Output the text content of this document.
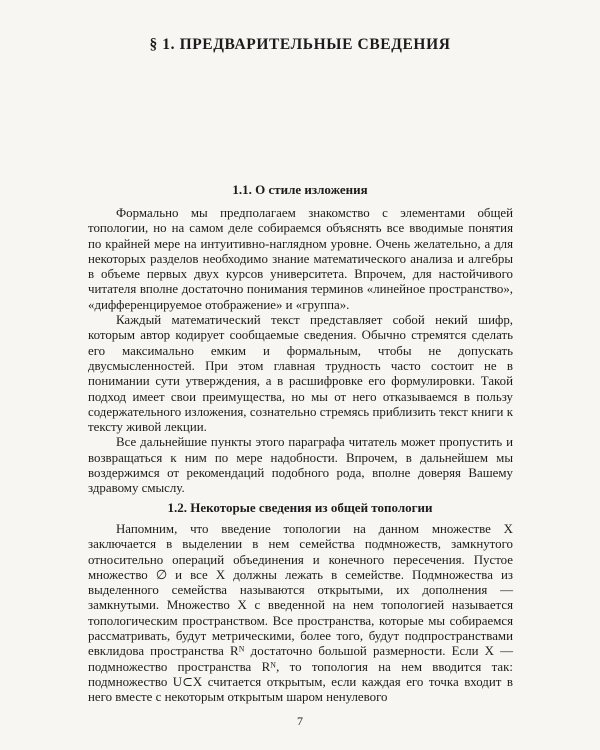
§ 1. ПРЕДВАРИТЕЛЬНЫЕ СВЕДЕНИЯ
1.1. О стиле изложения

Формально мы предполагаем знакомство с элементами общей топологии, но на самом деле собираемся объяснять все вводимые понятия по крайней мере на интуитивно-наглядном уровне. Очень желательно, а для некоторых разделов необходимо знание математического анализа и алгебры в объеме первых двух курсов университета. Впрочем, для настойчивого читателя вполне достаточно понимания терминов «линейное пространство», «дифференцируемое отображение» и «группа».

Каждый математический текст представляет собой некий шифр, которым автор кодирует сообщаемые сведения. Обычно стремятся сделать его максимально емким и формальным, чтобы не допускать двусмысленностей. При этом главная трудность часто состоит не в понимании сути утверждения, а в расшифровке его формулировки. Такой подход имеет свои преимущества, но мы от него отказываемся в пользу содержательного изложения, сознательно стремясь приблизить текст книги к тексту живой лекции.

Все дальнейшие пункты этого параграфа читатель может пропустить и возвращаться к ним по мере надобности. Впрочем, в дальнейшем мы воздержимся от рекомендаций подобного рода, вполне доверяя Вашему здравому смыслу.

1.2. Некоторые сведения из общей топологии

Напомним, что введение топологии на данном множестве X заключается в выделении в нем семейства подмножеств, замкнутого относительно операций объединения и конечного пересечения. Пустое множество ∅ и все X должны лежать в семействе. Подмножества из выделенного семейства называются открытыми, их дополнения — замкнутыми. Множество X с введенной на нем топологией называется топологическим пространством. Все пространства, которые мы собираемся рассматривать, будут метрическими, более того, будут подпространствами евклидова пространства Rᴺ достаточно большой размерности. Если X — подмножество пространства Rᴺ, то топология на нем вводится так: подмножество U⊂X считается открытым, если каждая его точка входит в него вместе с некоторым открытым шаром ненулевого

7
